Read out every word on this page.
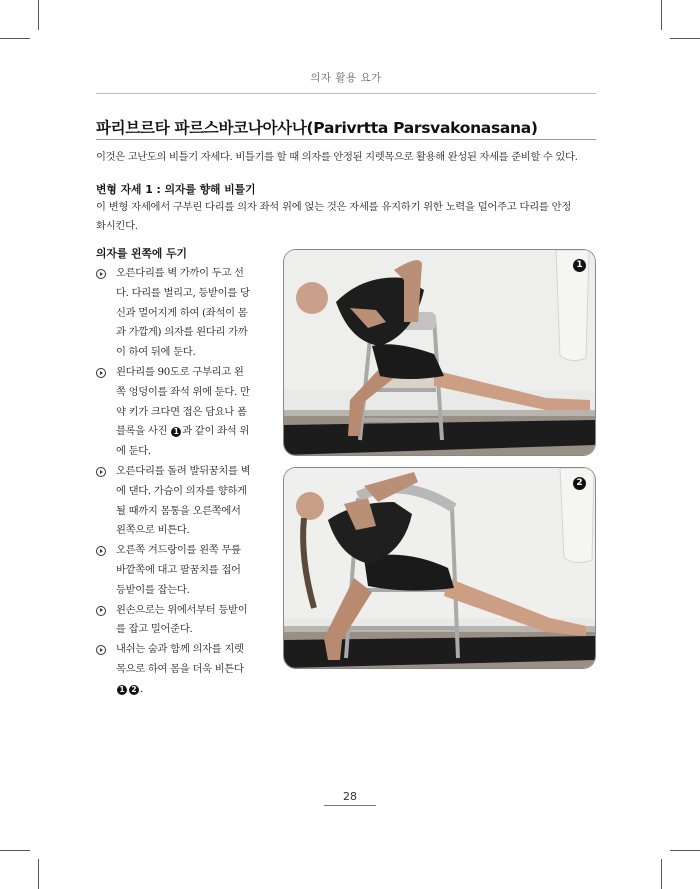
의자 활용 요가
파리브르타 파르스바코나아사나(Parivrtta Parsvakonasana)
이것은 고난도의 비틀기 자세다. 비틀기를 할 때 의자를 안정된 지렛목으로 활용해 완성된 자세를 준비할 수 있다.
변형 자세 1 : 의자를 향해 비틀기
이 변형 자세에서 구부린 다리를 의자 좌석 위에 얹는 것은 자세를 유지하기 위한 노력을 덜어주고 다리를 안정
화시킨다.
의자를 왼쪽에 두기
오른다리를 벽 가까이 두고 선
다. 다리를 벌리고, 등받이를 당
신과 멀어지게 하여 (좌석이 몸
과 가깝게) 의자를 왼다리 가까
이 하여 뒤에 둔다.
왼다리를 90도로 구부리고 왼
쪽 엉덩이를 좌석 위에 둔다. 만
약 키가 크다면 접은 담요나 폼
블록을 사진 1 과 같이 좌석 위
에 둔다.
오른다리를 돌려 발뒤꿈치를 벽
에 댄다. 가슴이 의자를 향하게
될 때까지 몸통을 오른쪽에서
왼쪽으로 비튼다.
오른쪽 겨드랑이를 왼쪽 무릎
바깥쪽에 대고 팔꿈치를 접어
등받이를 잡는다.
왼손으로는 위에서부터 등받이
를 잡고 밀어준다.
내쉬는 숨과 함께 의자를 지렛
목으로 하여 몸을 더욱 비튼다
1 2 .
1
2
28
